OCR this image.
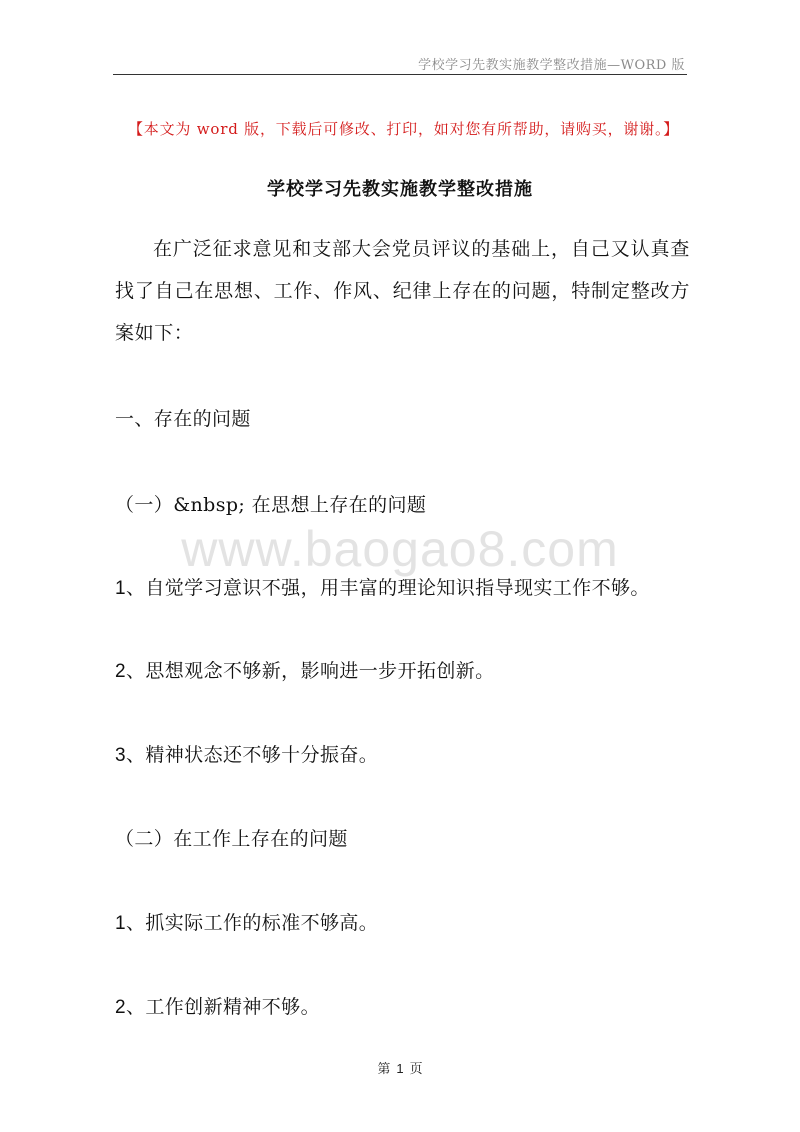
学校学习先教实施教学整改措施—WORD 版
【本文为 word 版，下载后可修改、打印，如对您有所帮助，请购买，谢谢。】
学校学习先教实施教学整改措施
在广泛征求意见和支部大会党员评议的基础上，自己又认真查找了自己在思想、工作、作风、纪律上存在的问题，特制定整改方案如下：
一、存在的问题
（一）&nbsp; 在思想上存在的问题
www.baogao8.com
1、自觉学习意识不强，用丰富的理论知识指导现实工作不够。
2、思想观念不够新，影响进一步开拓创新。
3、精神状态还不够十分振奋。
（二）在工作上存在的问题
1、抓实际工作的标准不够高。
2、工作创新精神不够。
第 1 页
